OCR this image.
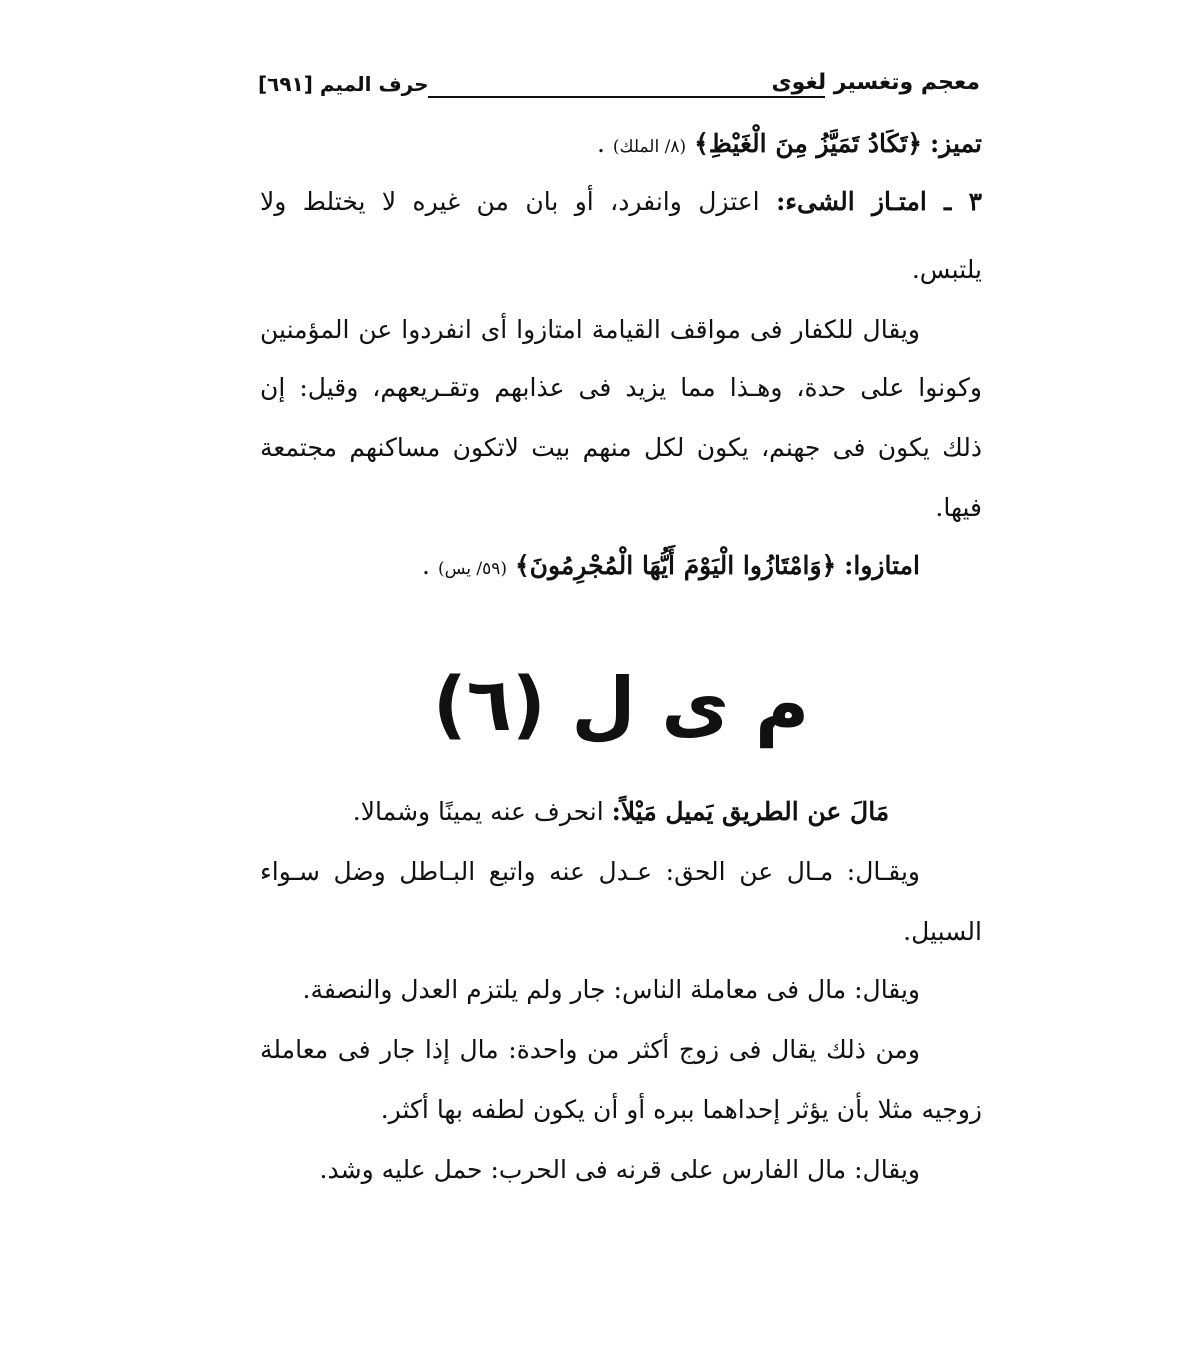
معجم وتغسير لغوى
حرف الميم [٦٩١]
تميز: ﴿تَكَادُ تَمَيَّزُ مِنَ الْغَيْظِ﴾ (٨/ الملك) .
٣ ـ امتـاز الشىء: اعتزل وانفرد، أو بان من غيره لا يختلط ولا
يلتبس.
ويقال للكفار فى مواقف القيامة امتازوا أى انفردوا عن المؤمنين
وكونوا على حدة، وهـذا مما يزيد فى عذابهم وتقـريعهم، وقيل: إن
ذلك يكون فى جهنم، يكون لكل منهم بيت لاتكون مساكنهم مجتمعة
فيها.
امتازوا: ﴿وَامْتَازُوا الْيَوْمَ أَيُّهَا الْمُجْرِمُونَ﴾ (٥٩/ يس) .
م ى ل (٦)
مَالَ عن الطريق يَميل مَيْلاً: انحرف عنه يمينًا وشمالا.
ويقـال: مـال عن الحق: عـدل عنه واتبع البـاطل وضل سـواء
السبيل.
ويقال: مال فى معاملة الناس: جار ولم يلتزم العدل والنصفة.
ومن ذلك يقال فى زوج أكثر من واحدة: مال إذا جار فى معاملة
زوجيه مثلا بأن يؤثر إحداهما ببره أو أن يكون لطفه بها أكثر.
ويقال: مال الفارس على قرنه فى الحرب: حمل عليه وشد.
